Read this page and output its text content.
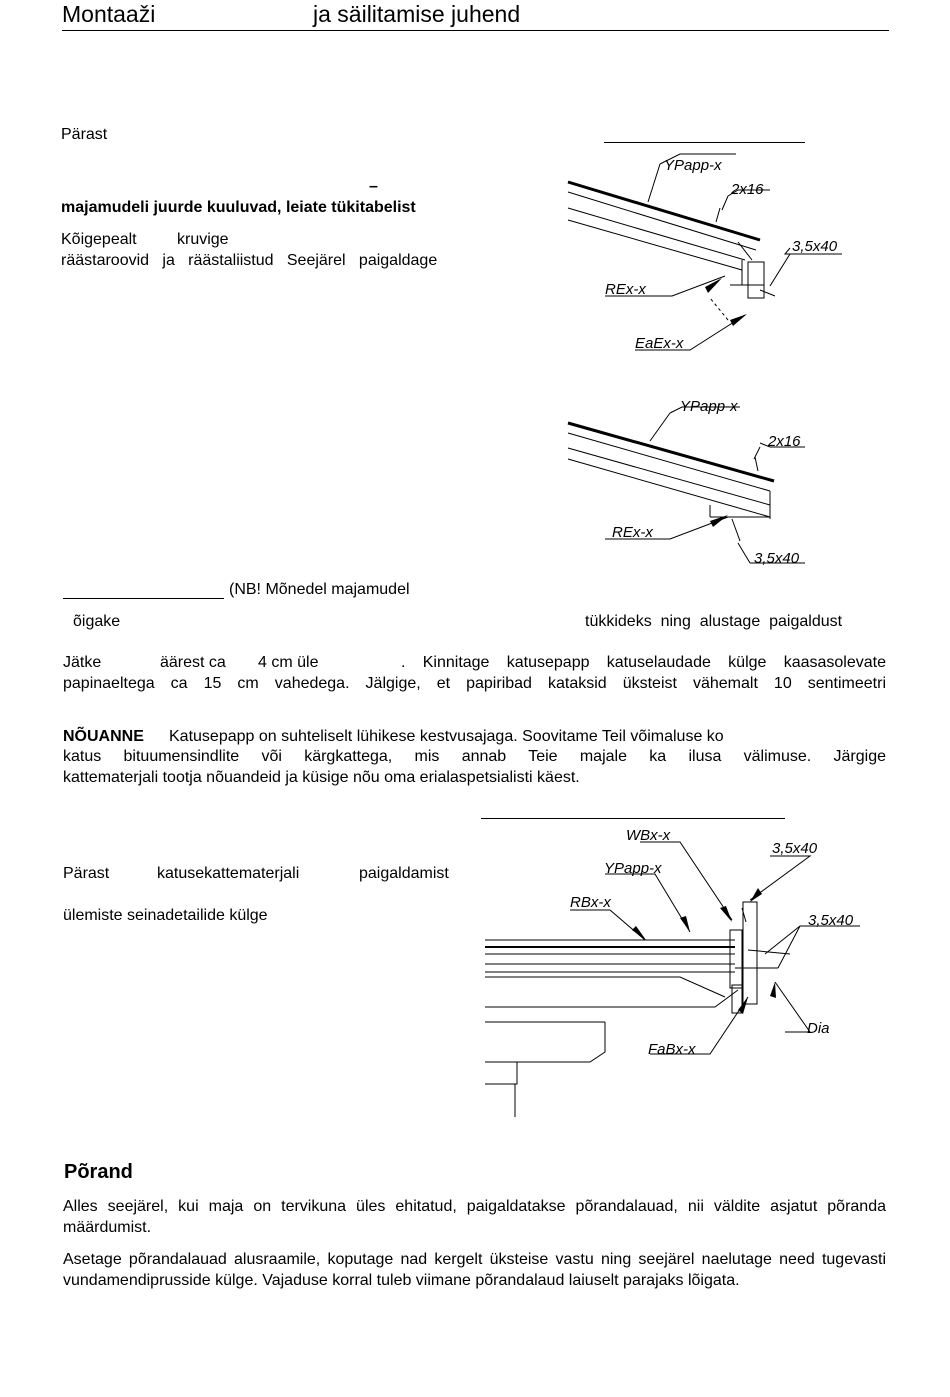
Montaaži	ja säilitamise juhend
Pärast
–
majamudeli juurde kuuluvad, leiate tükitabelist
Kõigepealt	kruvige
räästaroovid   ja   räästaliistud   Seejärel   paigaldage
(NB! Mõnedel majamudel
õigake	tükkideks  ning  alustage  paigaldust
Jätke	äärest ca 4 cm üle	. Kinnitage katusepapp katuselaudade külge kaasasolevate
papinaeltega ca 15 cm vahedega. Jälgige, et papiribad kataksid üksteist vähemalt 10 sentimeetri
NÕUANNE Katusepapp on suhteliselt lühikese kestvusajaga. Soovitame Teil võimaluse ko
katus bituumensindlite või kärgkattega, mis annab Teie majale ka ilusa välimuse. Järgige
kattematerjali tootja nõuandeid ja küsige nõu oma erialaspetsialisti käest.
Pärast	katusekattematerjali	paigaldamist
ülemiste seinadetailide külge
YPapp-x
2x16
3,5x40
REx-x
EaEx-x
YPapp-x
2x16
REx-x
3,5x40
WBx-x
3,5x40
YPapp-x
RBx-x
3,5x40
Dia
FaBx-x
Põrand
Alles seejärel, kui maja on tervikuna üles ehitatud, paigaldatakse põrandalauad, nii väldite asjatut põranda määrdumist.
Asetage põrandalauad alusraamile, koputage nad kergelt üksteise vastu ning seejärel naelutage need tugevasti vundamendiprusside külge. Vajaduse korral tuleb viimane põrandalaud laiuselt parajaks lõigata.
